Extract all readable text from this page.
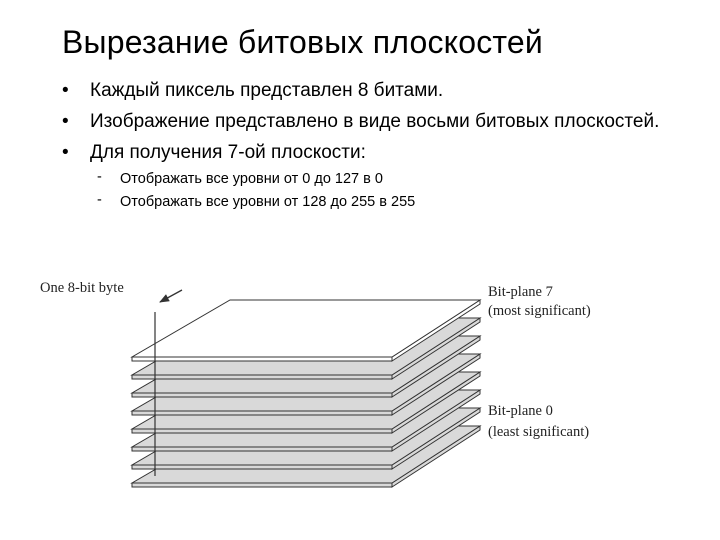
Вырезание битовых плоскостей
• Каждый пиксель представлен 8 битами.
• Изображение представлено в виде восьми битовых плоскостей.
• Для получения 7-ой плоскости:
- Отображать все уровни от 0 до 127 в 0
- Отображать все уровни от 128 до 255 в 255
One 8-bit byte	Bit-plane 7
(most significant)
Bit-plane 0
(least significant)
